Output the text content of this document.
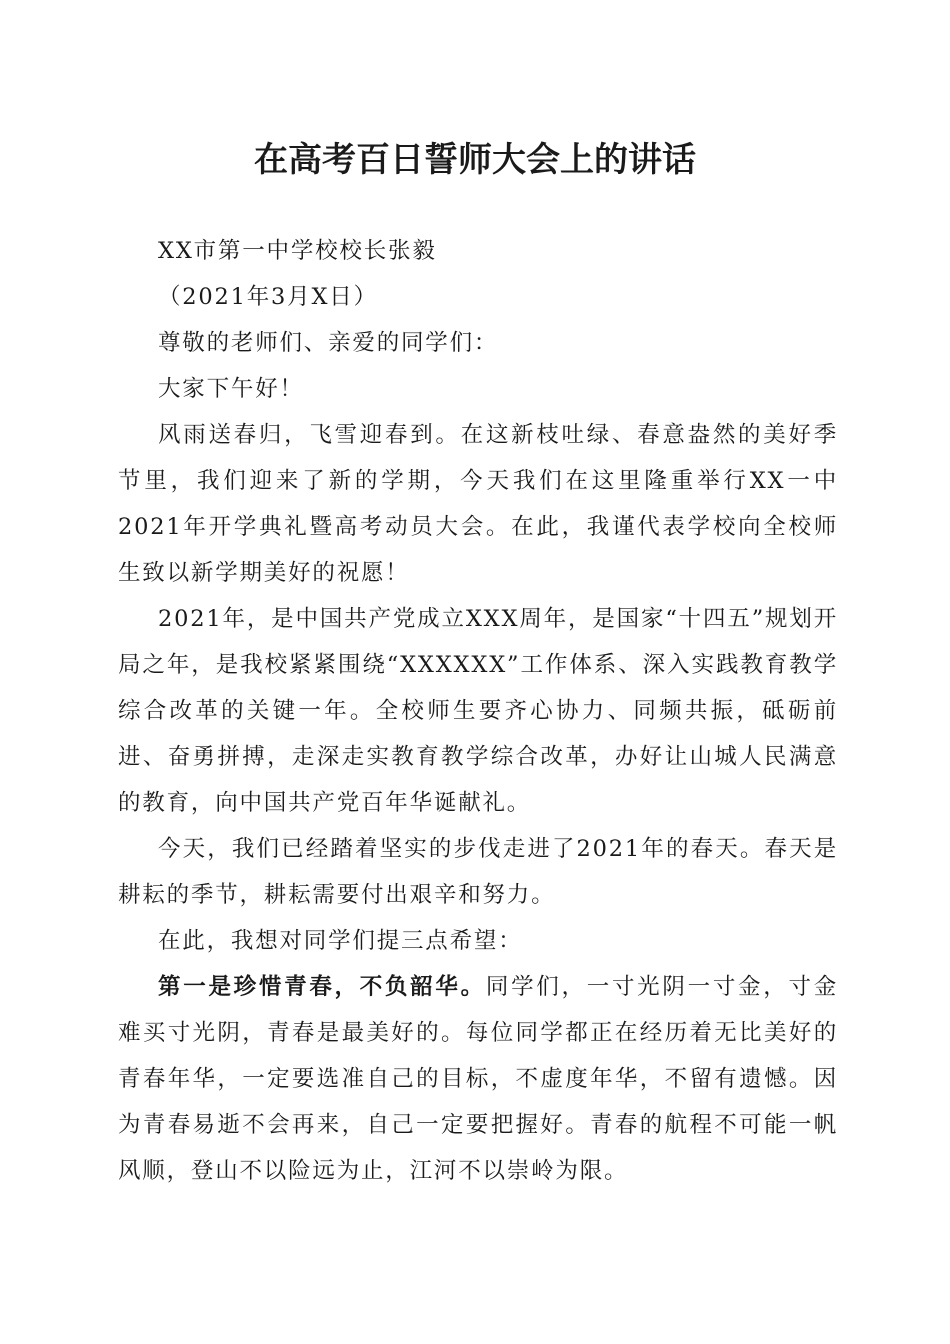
在高考百日誓师大会上的讲话

XX市第一中学校校长张毅

（2021年3月X日）

尊敬的老师们、亲爱的同学们：

大家下午好！

风雨送春归，飞雪迎春到。在这新枝吐绿、春意盎然的美好季节里，我们迎来了新的学期，今天我们在这里隆重举行XX一中2021年开学典礼暨高考动员大会。在此，我谨代表学校向全校师生致以新学期美好的祝愿！

2021年，是中国共产党成立XXX周年，是国家“十四五”规划开局之年，是我校紧紧围绕“XXXXXX”工作体系、深入实践教育教学综合改革的关键一年。全校师生要齐心协力、同频共振，砥砺前进、奋勇拼搏，走深走实教育教学综合改革，办好让山城人民满意的教育，向中国共产党百年华诞献礼。

今天，我们已经踏着坚实的步伐走进了2021年的春天。春天是耕耘的季节，耕耘需要付出艰辛和努力。

在此，我想对同学们提三点希望：

第一是珍惜青春，不负韶华。同学们，一寸光阴一寸金，寸金难买寸光阴，青春是最美好的。每位同学都正在经历着无比美好的青春年华，一定要选准自己的目标，不虚度年华，不留有遗憾。因为青春易逝不会再来，自己一定要把握好。青春的航程不可能一帆风顺，登山不以险远为止，江河不以崇岭为限。
